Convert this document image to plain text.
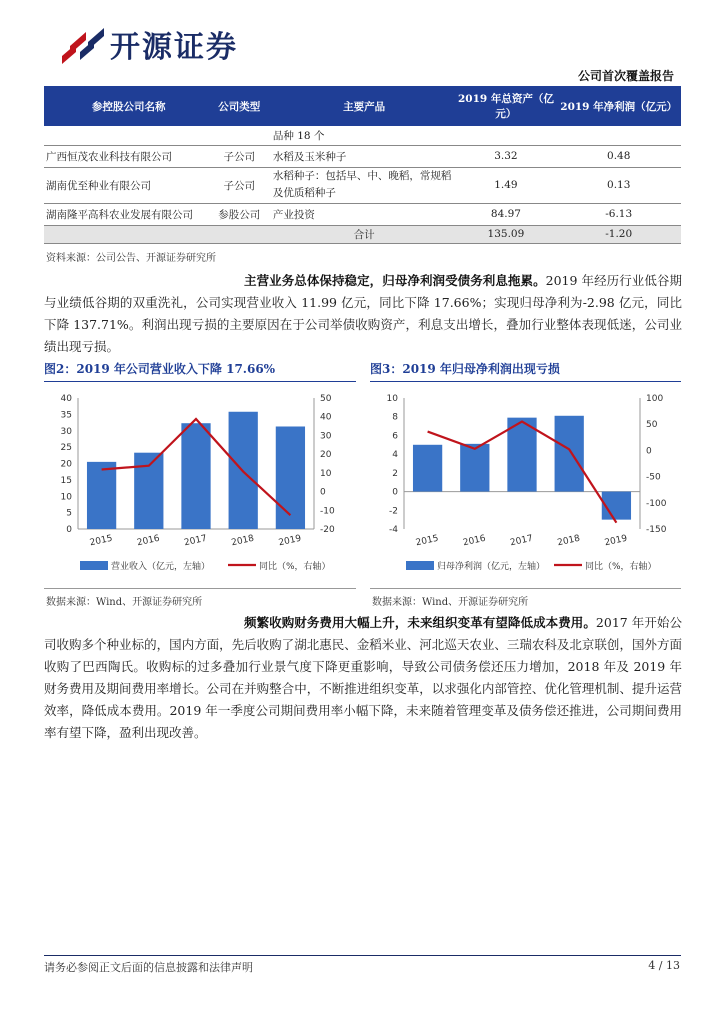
开源证券
公司首次覆盖报告
参控股公司名称	公司类型	主要产品	2019 年总资产（亿元）	2019 年净利润（亿元）
		品种 18 个		
广西恒茂农业科技有限公司	子公司	水稻及玉米种子	3.32	0.48
湖南优至种业有限公司	子公司	水稻种子：包括早、中、晚稻，常规稻及优质稻种子	1.49	0.13
湖南隆平高科农业发展有限公司	参股公司	产业投资	84.97	-6.13
		合计	135.09	-1.20
资料来源：公司公告、开源证券研究所
主营业务总体保持稳定，归母净利润受债务利息拖累。2019 年经历行业低谷期与业绩低谷期的双重洗礼，公司实现营业收入 11.99 亿元，同比下降 17.66%；实现归母净利为-2.98 亿元，同比下降 137.71%。利润出现亏损的主要原因在于公司举债收购资产，利息支出增长，叠加行业整体表现低迷，公司业绩出现亏损。
图2：2019 年公司营业收入下降 17.66%	图3：2019 年归母净利润出现亏损
0
5
10
15
20
25
30
35
40
-20
-10
0
10
20
30
40
50
2015	2016	2017	2018	2019
营业收入（亿元，左轴）	同比（%，右轴）
数据来源：Wind、开源证券研究所
-4
-2
0
2
4
6
8
10
-150
-100
-50
0
50
100
2015	2016	2017	2018	2019
归母净利润（亿元，左轴）	同比（%，右轴）
数据来源：Wind、开源证券研究所
频繁收购财务费用大幅上升，未来组织变革有望降低成本费用。2017 年开始公司收购多个种业标的，国内方面，先后收购了湖北惠民、金稻米业、河北巡天农业、三瑞农科及北京联创，国外方面收购了巴西陶氏。收购标的过多叠加行业景气度下降更重影响，导致公司债务偿还压力增加，2018 年及 2019 年财务费用及期间费用率增长。公司在并购整合中，不断推进组织变革，以求强化内部管控、优化管理机制、提升运营效率，降低成本费用。2019 年一季度公司期间费用率小幅下降，未来随着管理变革及债务偿还推进，公司期间费用率有望下降，盈利出现改善。
请务必参阅正文后面的信息披露和法律声明	4 / 13
